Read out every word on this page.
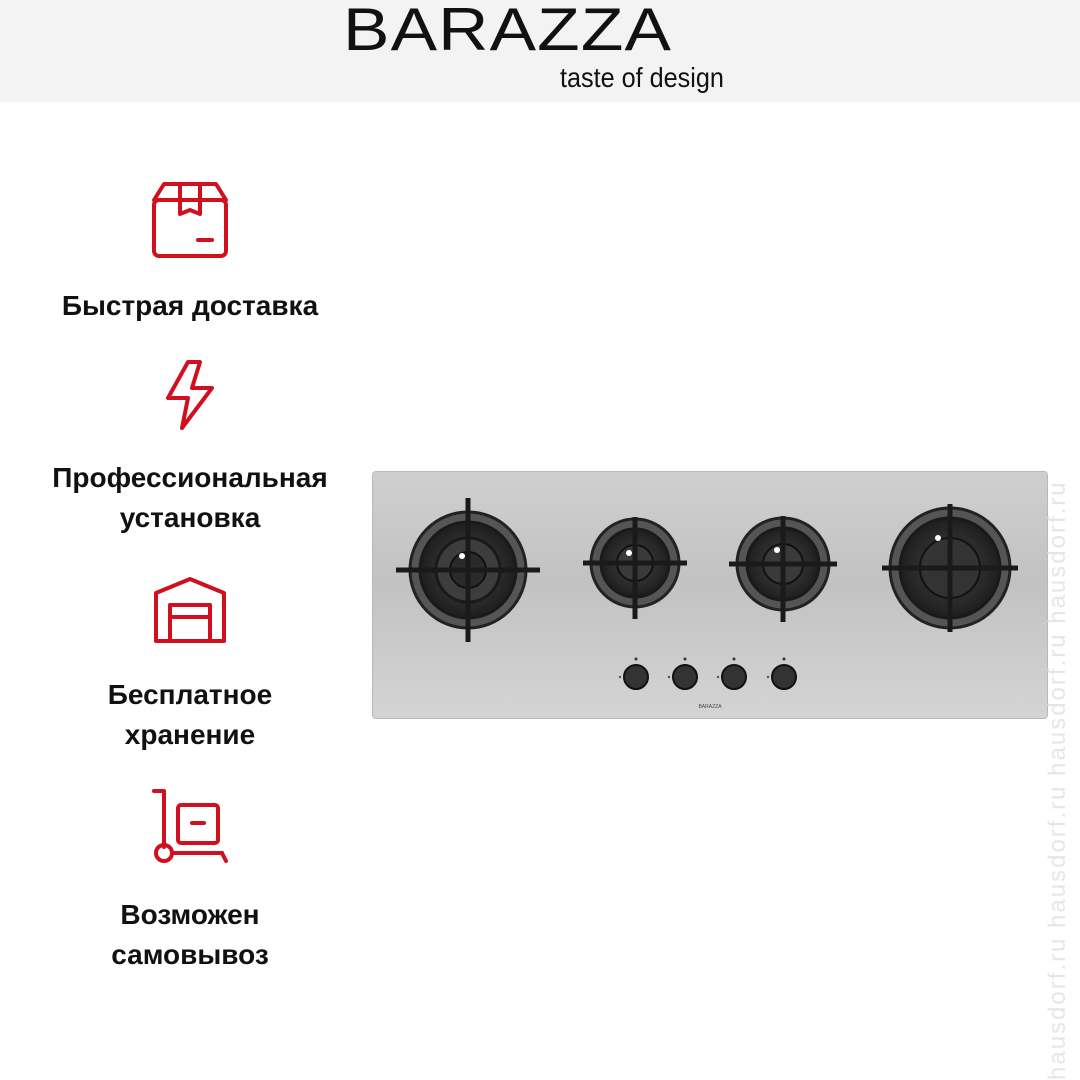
BARAZZA
taste of design
Быстрая доставка
Профессиональная
установка
Бесплатное
хранение
Возможен
самовывоз
BARAZZA	hausdorf.ru hausdorf.ru hausdorf.ru hausdorf.ru
